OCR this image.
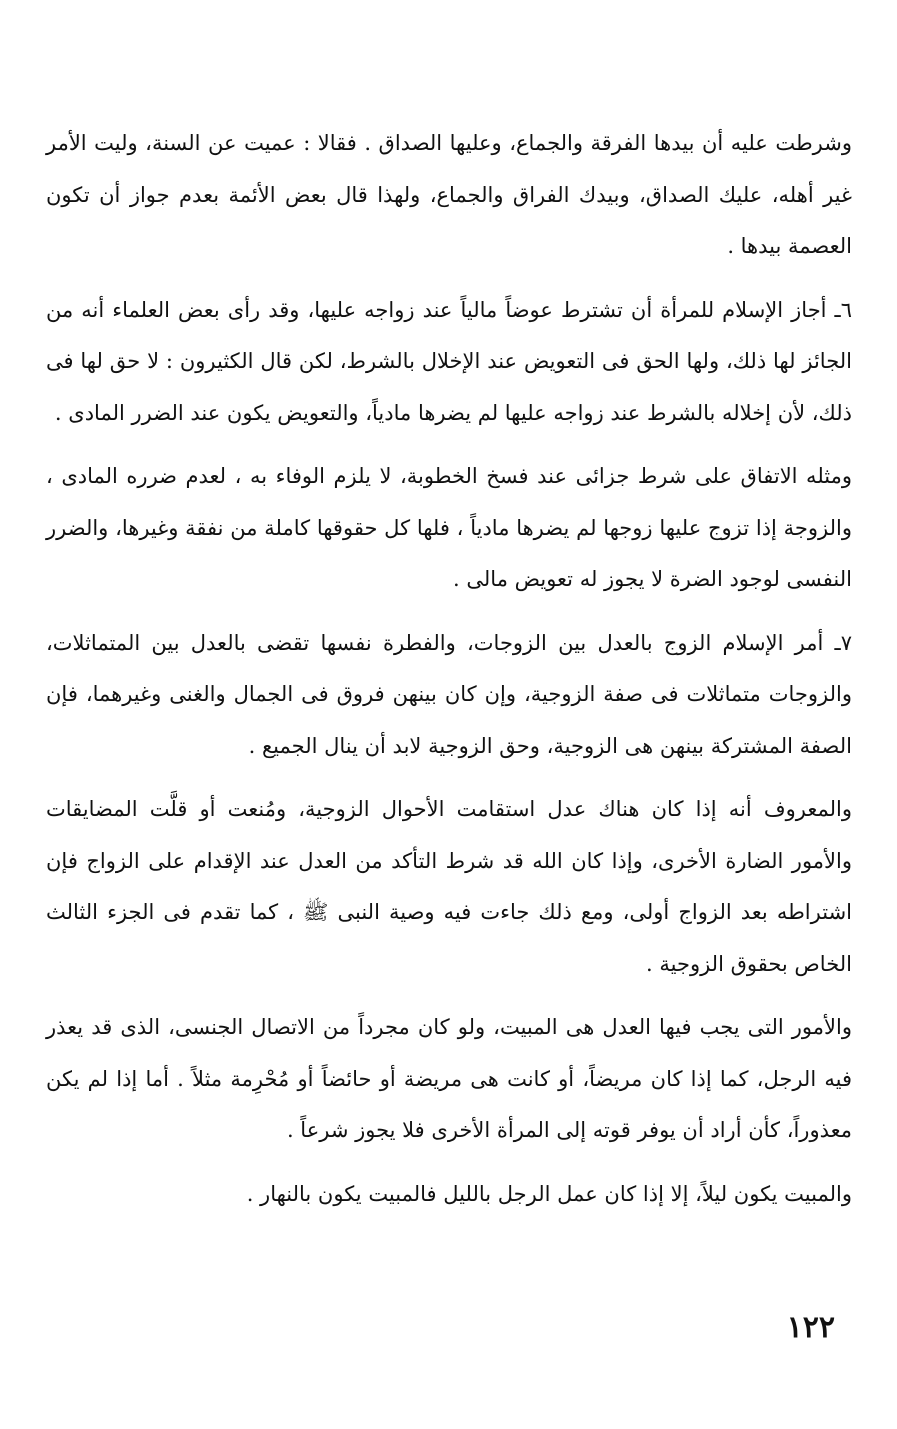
وشرطت عليه أن بيدها الفرقة والجماع، وعليها الصداق . فقالا : عميت عن السنة، وليت الأمر غير أهله، عليك الصداق، وبيدك الفراق والجماع، ولهذا قال بعض الأئمة بعدم جواز أن تكون العصمة بيدها .

٦ـ أجاز الإسلام للمرأة أن تشترط عوضاً مالياً عند زواجه عليها، وقد رأى بعض العلماء أنه من الجائز لها ذلك، ولها الحق فى التعويض عند الإخلال بالشرط، لكن قال الكثيرون : لا حق لها فى ذلك، لأن إخلاله بالشرط عند زواجه عليها لم يضرها مادياً، والتعويض يكون عند الضرر المادى .

ومثله الاتفاق على شرط جزائى عند فسخ الخطوبة، لا يلزم الوفاء به ، لعدم ضرره المادى ، والزوجة إذا تزوج عليها زوجها لم يضرها مادياً ، فلها كل حقوقها كاملة من نفقة وغيرها، والضرر النفسى لوجود الضرة لا يجوز له تعويض مالى .

٧ـ أمر الإسلام الزوج بالعدل بين الزوجات، والفطرة نفسها تقضى بالعدل بين المتماثلات، والزوجات متماثلات فى صفة الزوجية، وإن كان بينهن فروق فى الجمال والغنى وغيرهما، فإن الصفة المشتركة بينهن هى الزوجية، وحق الزوجية لابد أن ينال الجميع .

والمعروف أنه إذا كان هناك عدل استقامت الأحوال الزوجية، ومُنعت أو قلَّت المضايقات والأمور الضارة الأخرى، وإذا كان الله قد شرط التأكد من العدل عند الإقدام على الزواج فإن اشتراطه بعد الزواج أولى، ومع ذلك جاءت فيه وصية النبى ﷺ ، كما تقدم فى الجزء الثالث الخاص بحقوق الزوجية .

والأمور التى يجب فيها العدل هى المبيت، ولو كان مجرداً من الاتصال الجنسى، الذى قد يعذر فيه الرجل، كما إذا كان مريضاً، أو كانت هى مريضة أو حائضاً أو مُحْرِمة مثلاً . أما إذا لم يكن معذوراً، كأن أراد أن يوفر قوته إلى المرأة الأخرى فلا يجوز شرعاً .

والمبيت يكون ليلاً، إلا إذا كان عمل الرجل بالليل فالمبيت يكون بالنهار .

١٢٢
